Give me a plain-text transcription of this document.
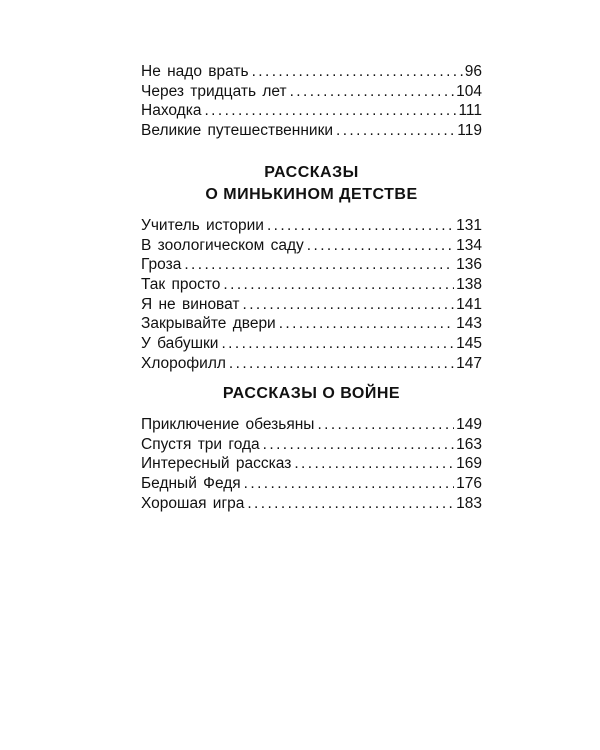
Не надо врать .....	96
Через тридцать лет .....	104
Находка .....	111
Великие путешественники .....	119
РАССКАЗЫ
О МИНЬКИНОМ ДЕТСТВЕ
Учитель истории .....	131
В зоологическом саду .....	134
Гроза .....	136
Так просто .....	138
Я не виноват .....	141
Закрывайте двери .....	143
У бабушки .....	145
Хлорофилл .....	147
РАССКАЗЫ О ВОЙНЕ
Приключение обезьяны .....	149
Спустя три года .....	163
Интересный рассказ .....	169
Бедный Федя .....	176
Хорошая игра .....	183
